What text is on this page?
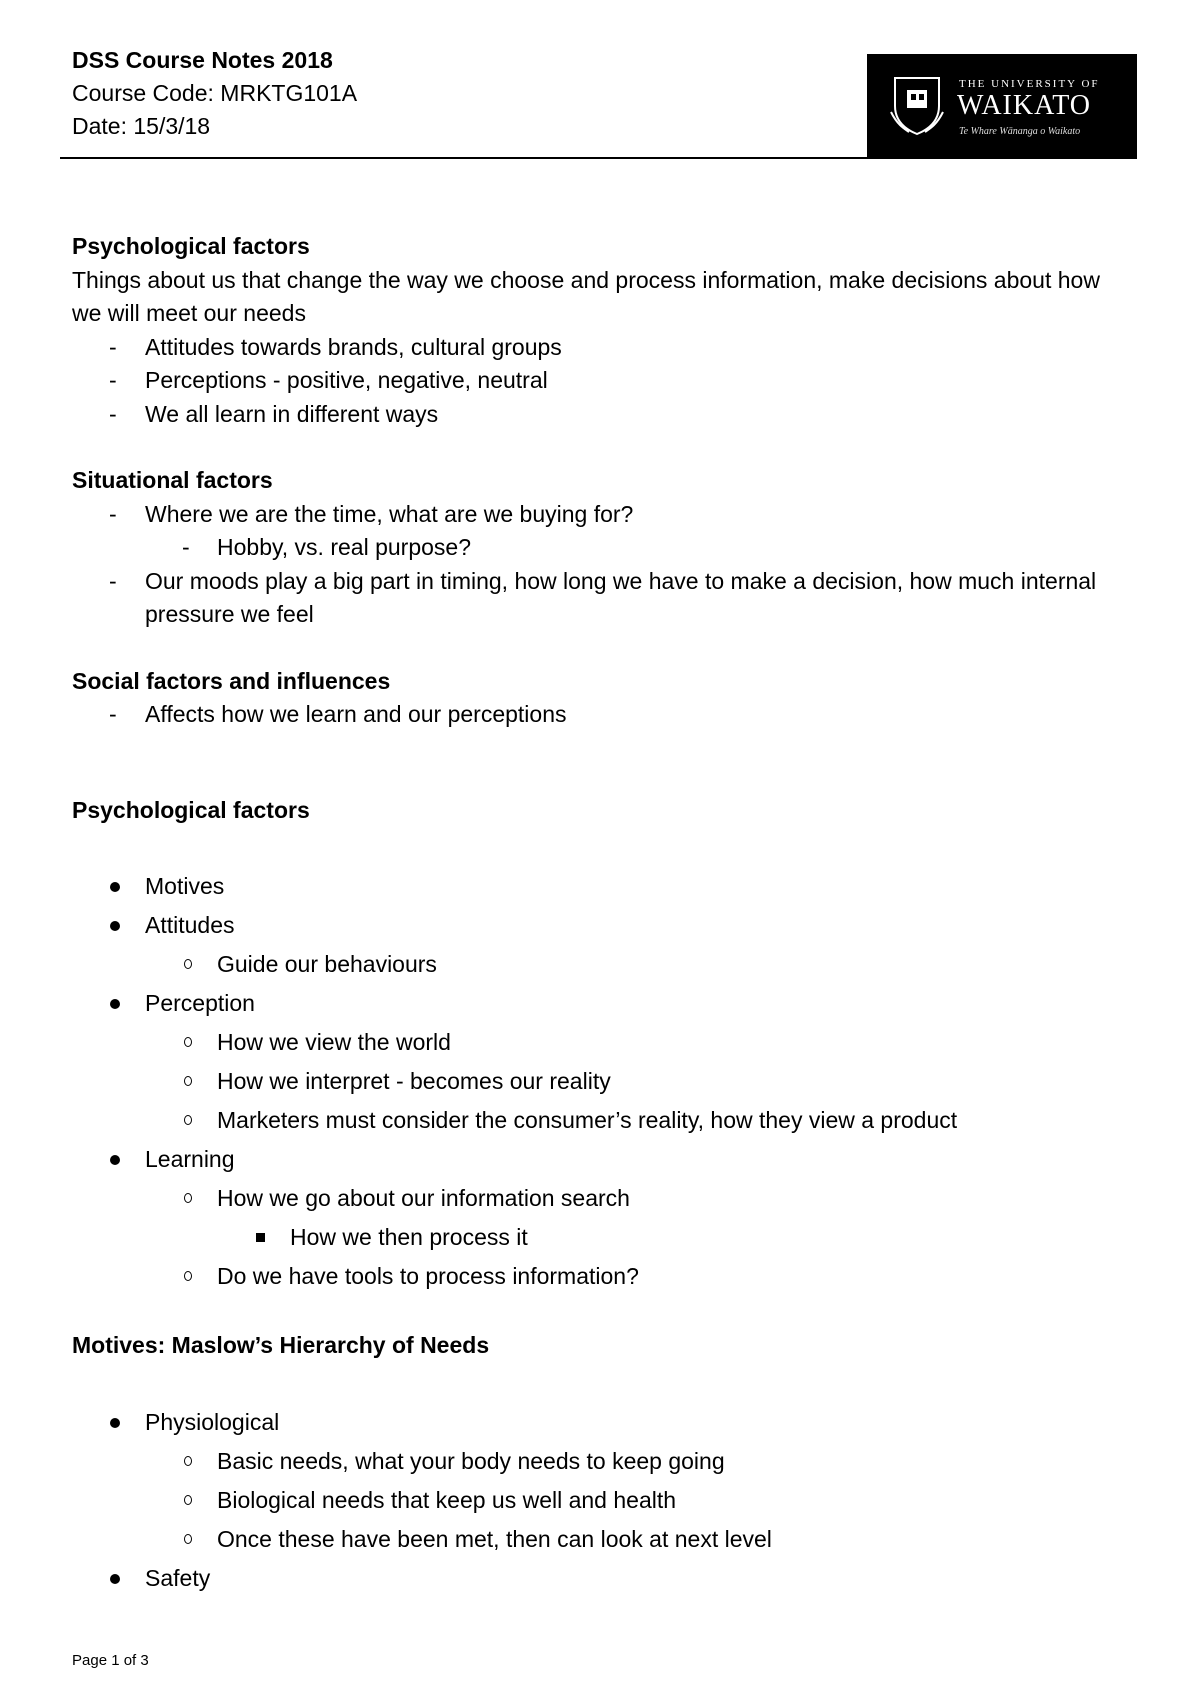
DSS Course Notes 2018
Course Code: MRKTG101A
Date: 15/3/18
THE UNIVERSITY OF
WAIKATO
Te Whare Wānanga o Waikato
Psychological factors
Things about us that change the way we choose and process information, make decisions about how we will meet our needs
- Attitudes towards brands, cultural groups
- Perceptions - positive, negative, neutral
- We all learn in different ways
Situational factors
- Where we are the time, what are we buying for?
- Hobby, vs. real purpose?
- Our moods play a big part in timing, how long we have to make a decision, how much internal pressure we feel
Social factors and influences
- Affects how we learn and our perceptions
Psychological factors
Motives
Attitudes
Guide our behaviours
Perception
How we view the world
How we interpret - becomes our reality
Marketers must consider the consumer’s reality, how they view a product
Learning
How we go about our information search
How we then process it
Do we have tools to process information?
Motives: Maslow’s Hierarchy of Needs
Physiological
Basic needs, what your body needs to keep going
Biological needs that keep us well and health
Once these have been met, then can look at next level
Safety
Page 1 of 3
